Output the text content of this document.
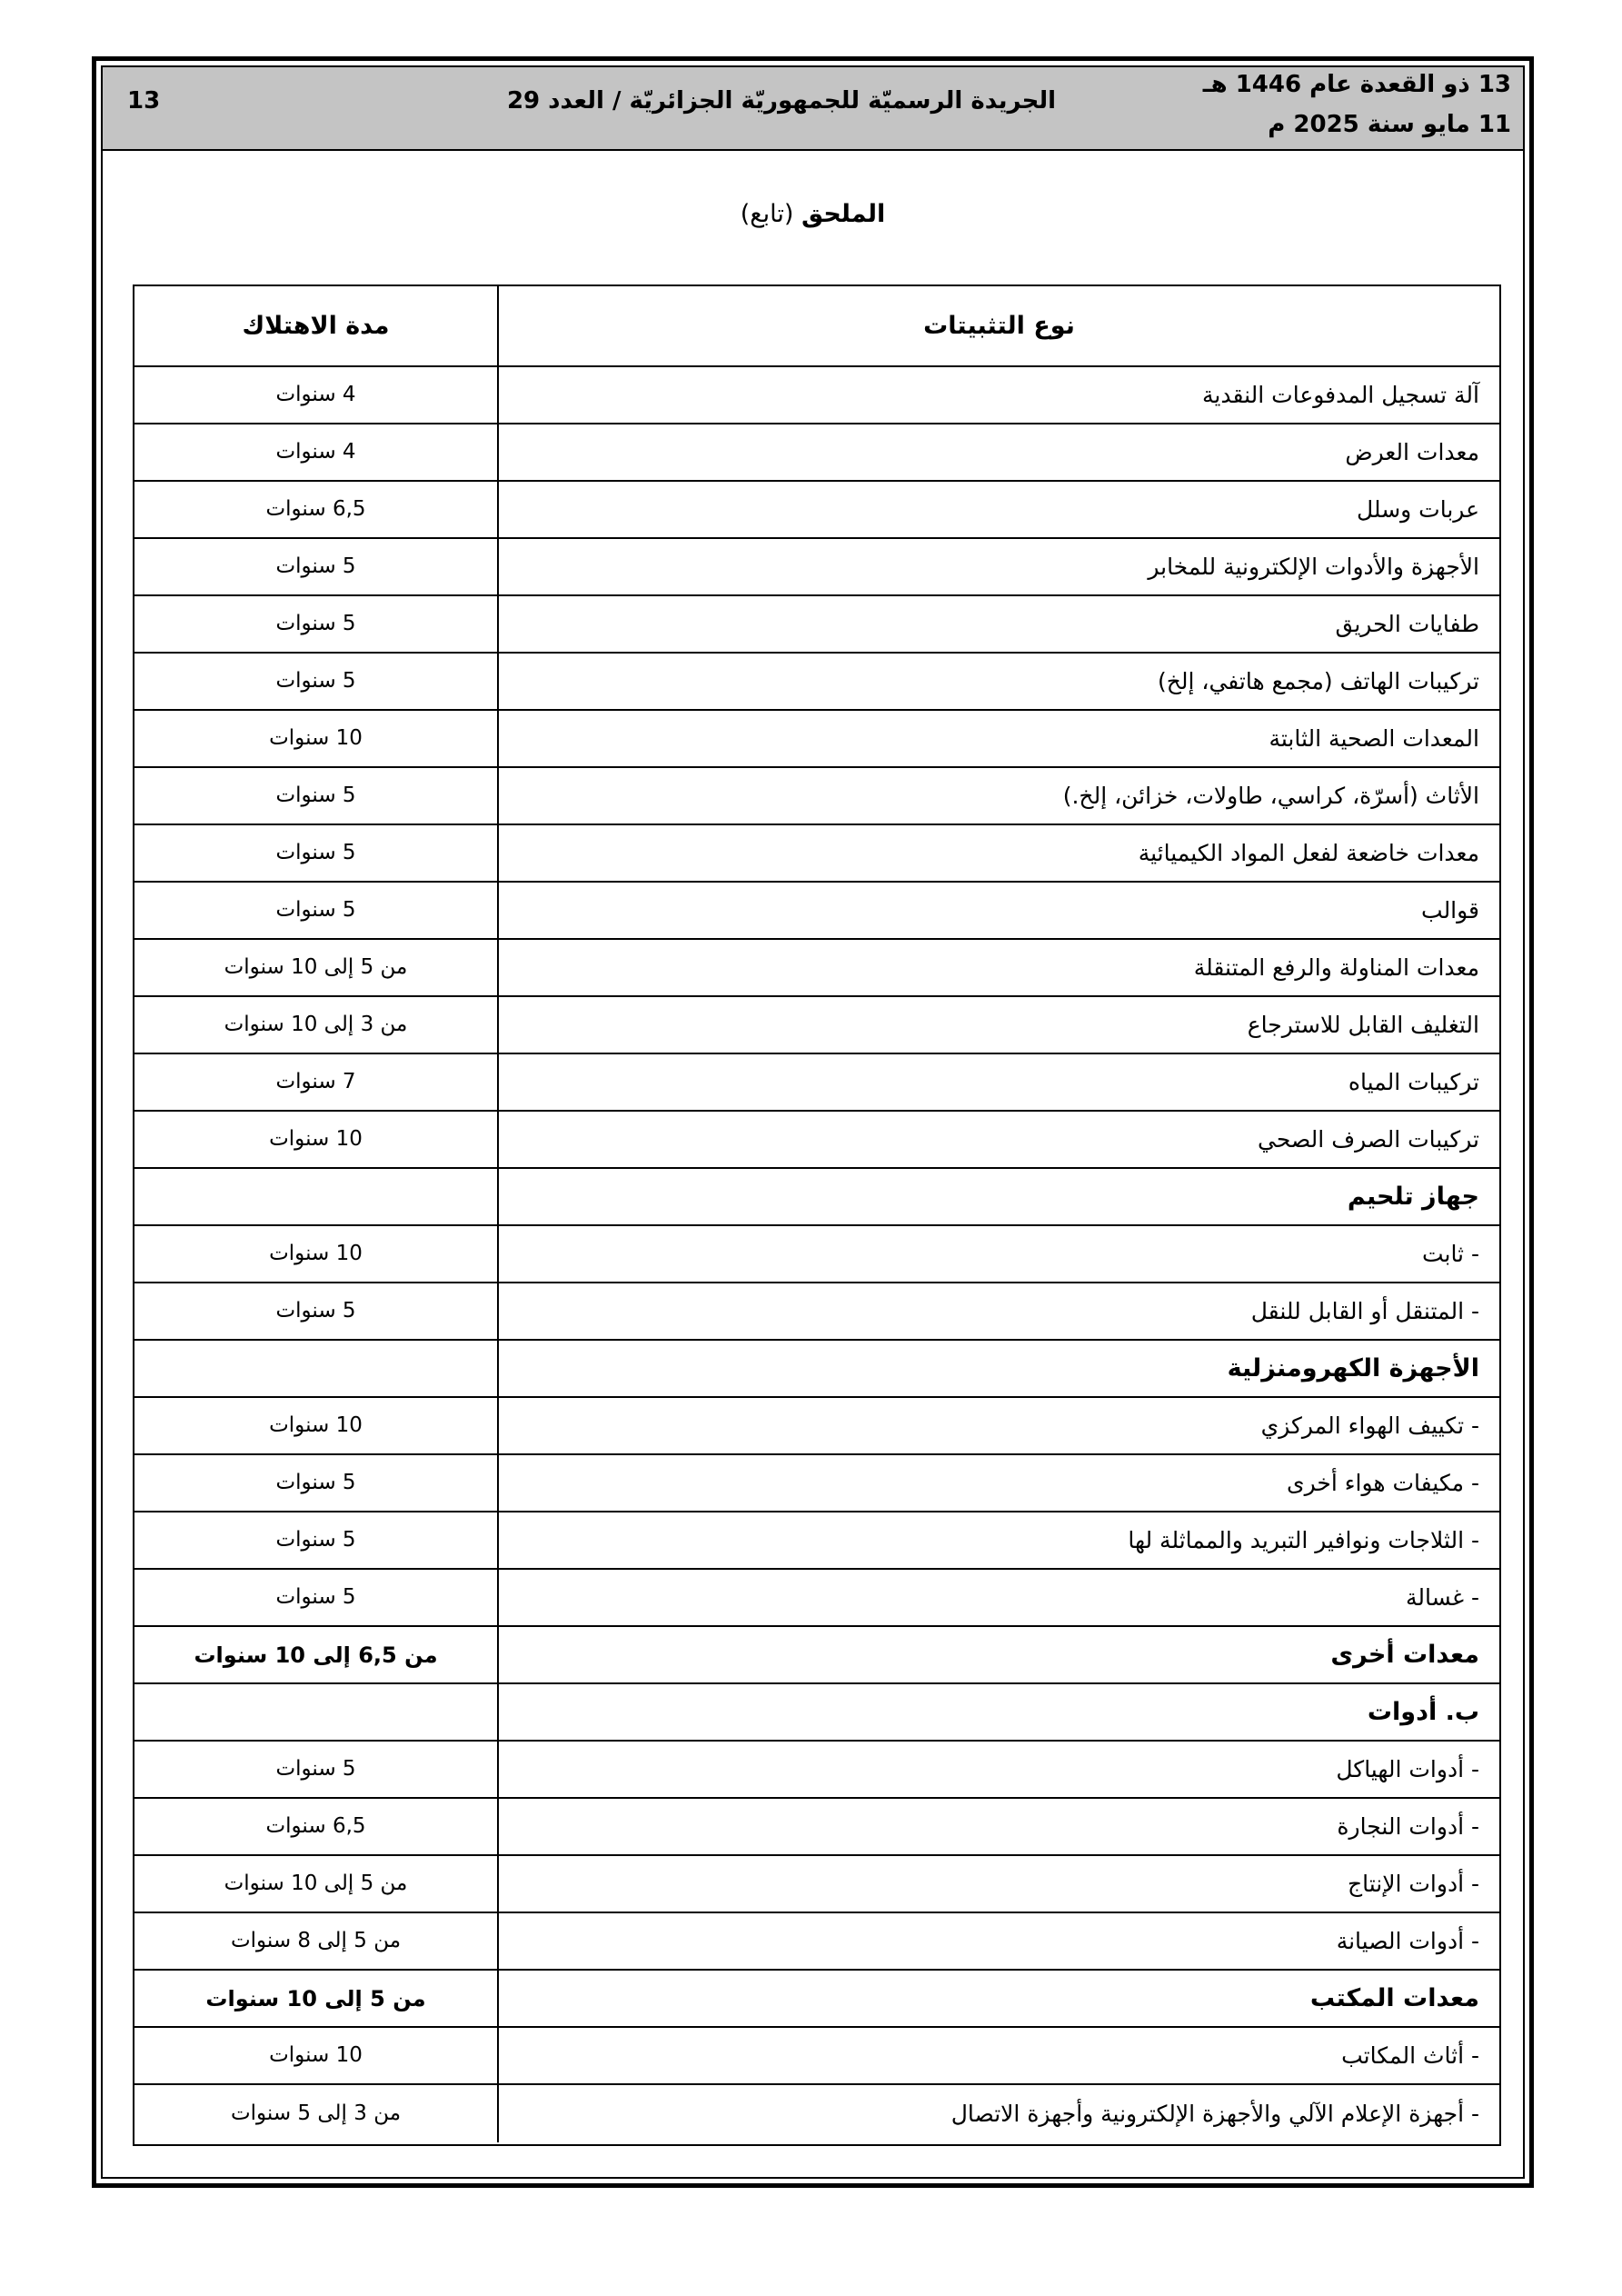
13	الجريدة الرسميّة للجمهوريّة الجزائريّة / العدد 29
13 ذو القعدة عام 1446 هـ
11 مايو سنة 2025 م
الملحق (تابع)
نوع التثبيتات
مدة الاهتلاك
آلة تسجيل المدفوعات النقدية
4 سنوات
معدات العرض
4 سنوات
عربات وسلل
6,5 سنوات
الأجهزة والأدوات الإلكترونية للمخابر
5 سنوات
طفايات الحريق
5 سنوات
تركيبات الهاتف (مجمع هاتفي، إلخ)
5 سنوات
المعدات الصحية الثابتة
10 سنوات
الأثاث (أسرّة، كراسي، طاولات، خزائن، إلخ.)
5 سنوات
معدات خاضعة لفعل المواد الكيميائية
5 سنوات
قوالب
5 سنوات
معدات المناولة والرفع المتنقلة
من 5 إلى 10 سنوات
التغليف القابل للاسترجاع
من 3 إلى 10 سنوات
تركيبات المياه
7 سنوات
تركيبات الصرف الصحي
10 سنوات
جهاز تلحيم
- ثابت
10 سنوات
- المتنقل أو القابل للنقل
5 سنوات
الأجهزة الكهرومنزلية
- تكييف الهواء المركزي
10 سنوات
- مكيفات هواء أخرى
5 سنوات
- الثلاجات ونوافير التبريد والمماثلة لها
5 سنوات
- غسالة
5 سنوات
معدات أخرى
من 6,5 إلى 10 سنوات
ب. أدوات
- أدوات الهياكل
5 سنوات
- أدوات النجارة
6,5 سنوات
- أدوات الإنتاج
من 5 إلى 10 سنوات
- أدوات الصيانة
من 5 إلى 8 سنوات
معدات المكتب
من 5 إلى 10 سنوات
- أثاث المكاتب
10 سنوات
- أجهزة الإعلام الآلي والأجهزة الإلكترونية وأجهزة الاتصال
من 3 إلى 5 سنوات
